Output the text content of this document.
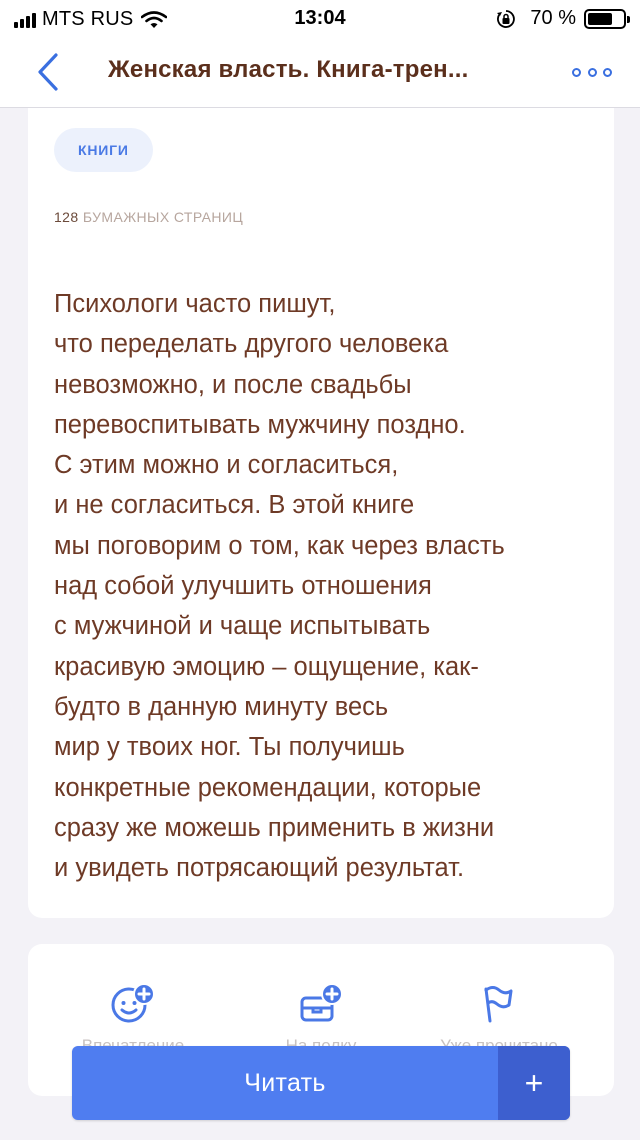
MTS RUS	13:04	70 %
Женская власть. Книга-трен...
КНИГИ
128 БУМАЖНЫХ СТРАНИЦ
Психологи часто пишут,
что переделать другого человека
невозможно, и после свадьбы
перевоспитывать мужчину поздно.
С этим можно и согласиться,
и не согласиться. В этой книге
мы поговорим о том, как через власть
над собой улучшить отношения
с мужчиной и чаще испытывать
красивую эмоцию – ощущение, как-
будто в данную минуту весь
мир у твоих ног. Ты получишь
конкретные рекомендации, которые
сразу же можешь применить в жизни
и увидеть потрясающий результат.
Читать	+
